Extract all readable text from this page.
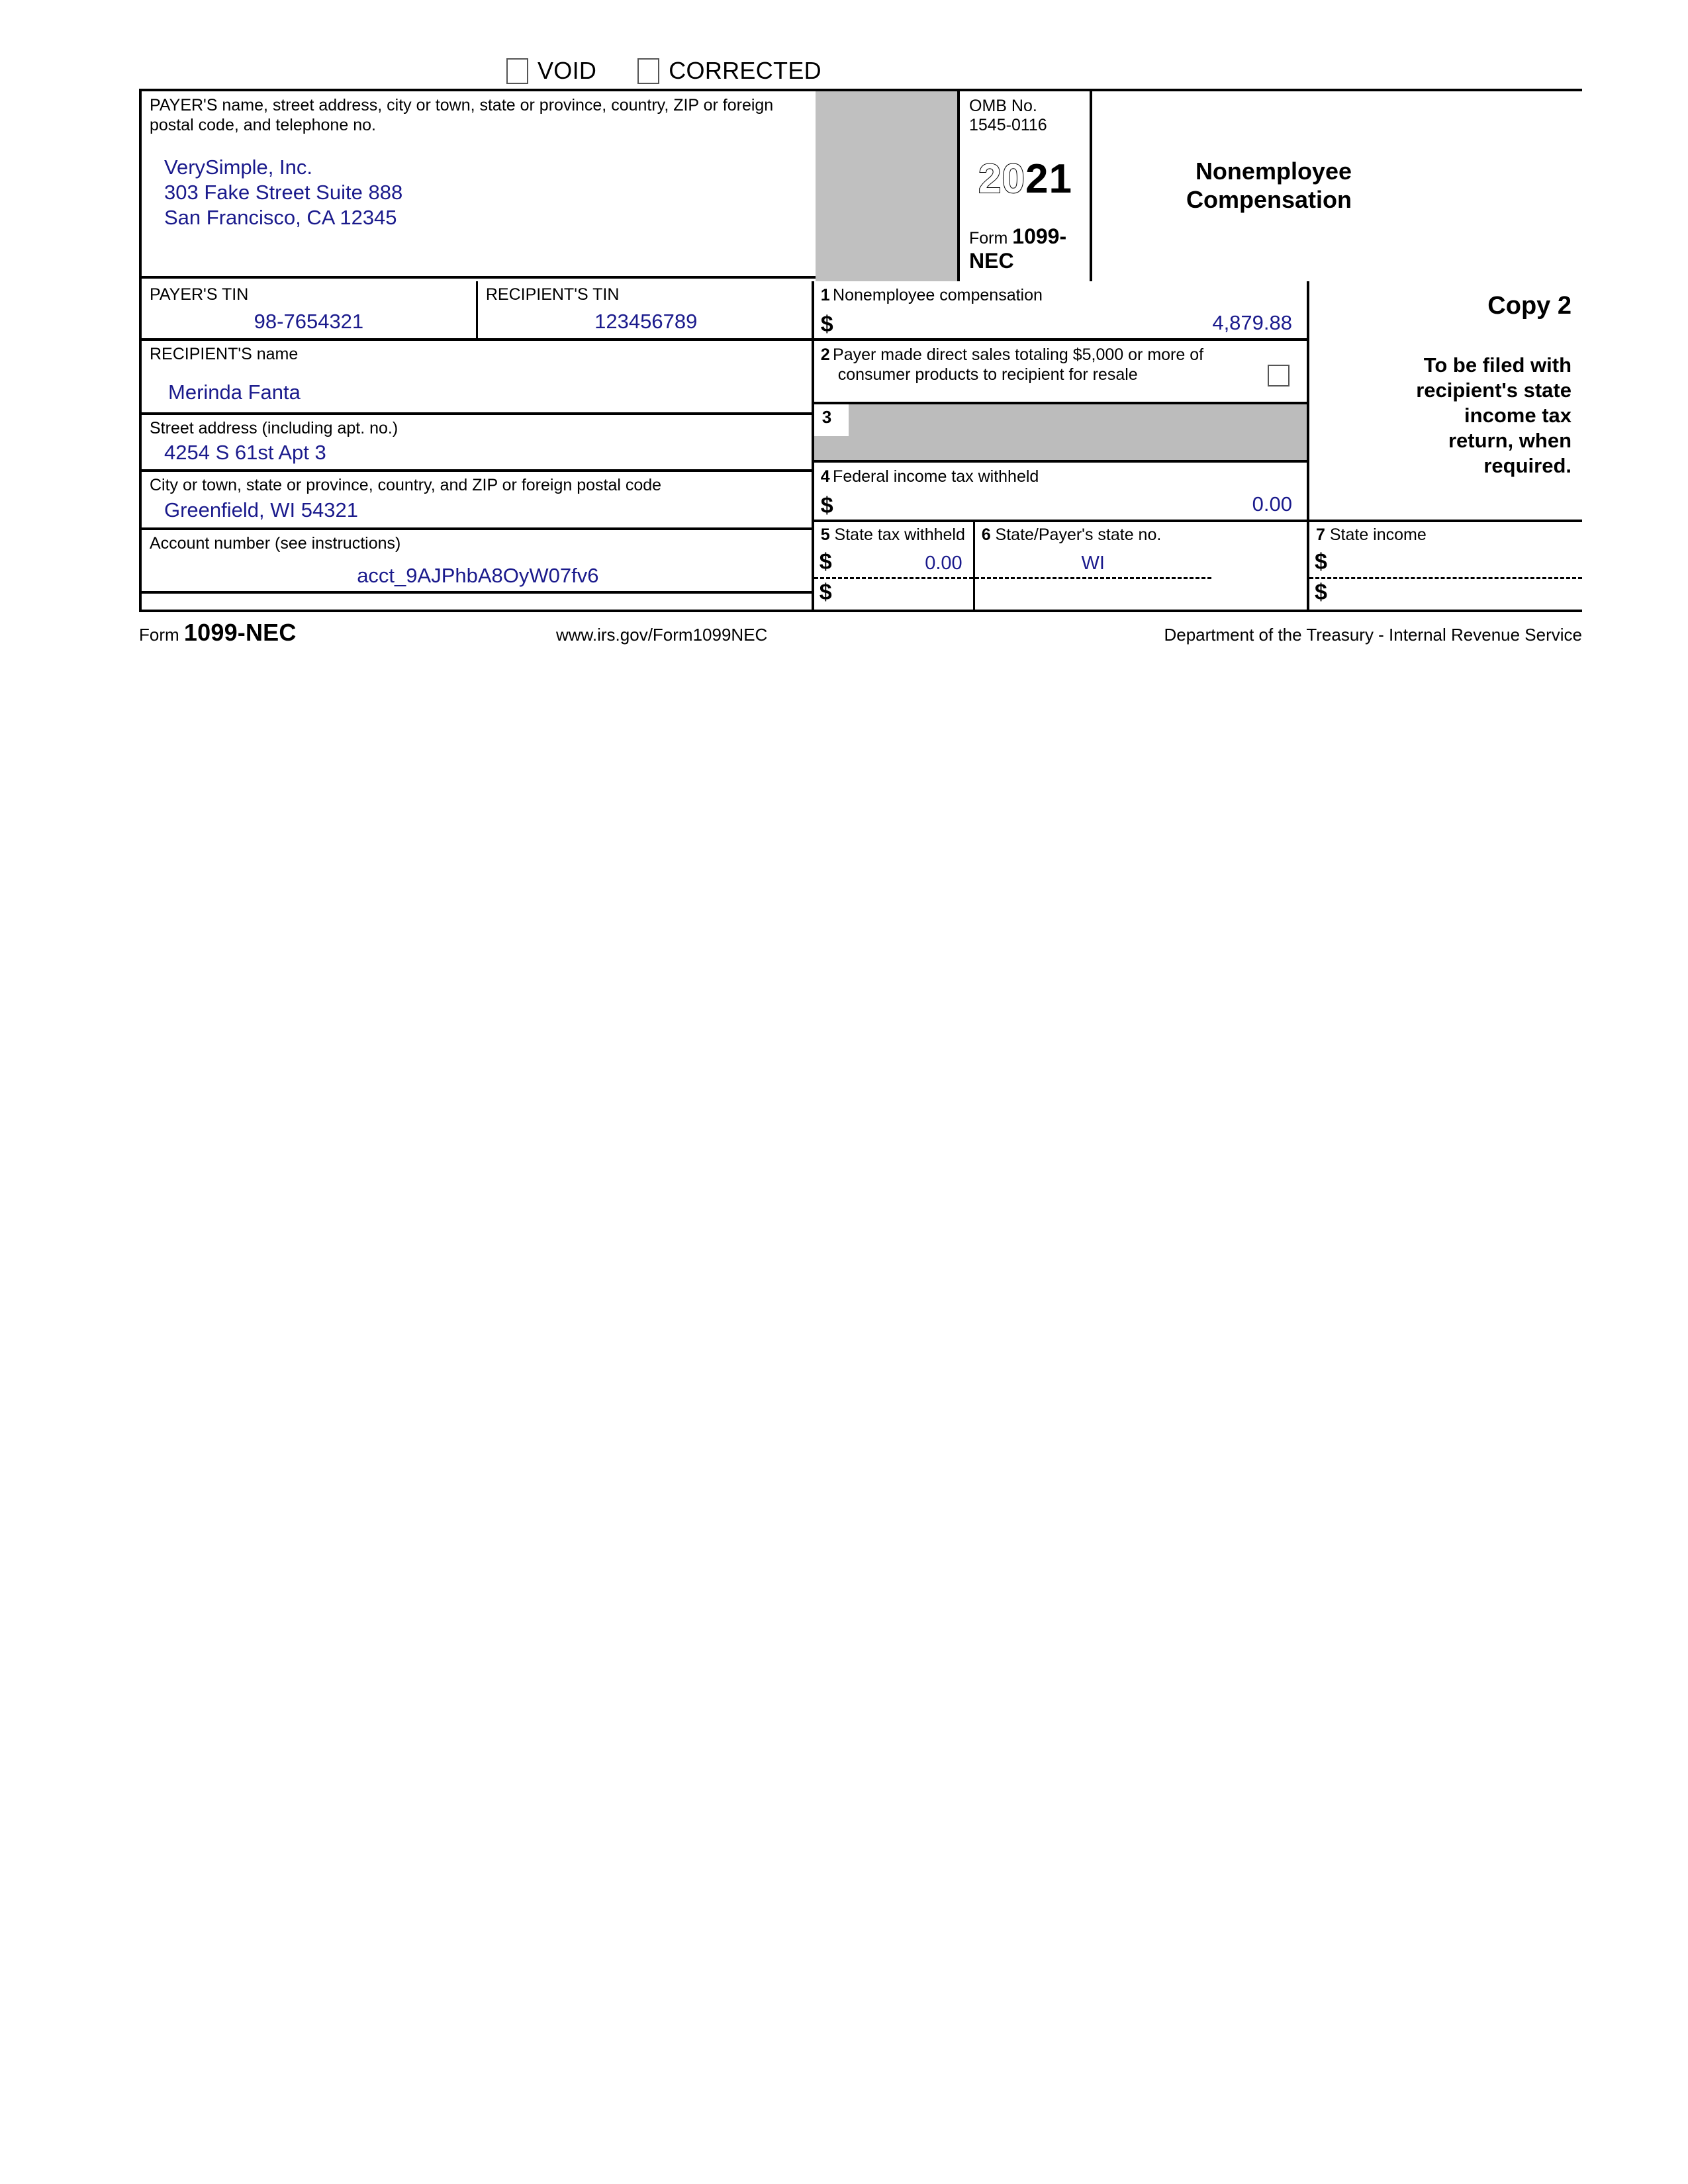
VOID	CORRECTED
PAYER'S name, street address, city or town, state or province, country, ZIP or foreign postal code, and telephone no.
VerySimple, Inc.
303 Fake Street Suite 888
San Francisco, CA 12345
OMB No. 1545-0116
2021
Form 1099-NEC
Nonemployee
Compensation
PAYER'S TIN
98-7654321
RECIPIENT'S TIN
123456789
RECIPIENT'S name
Merinda Fanta
Street address (including apt. no.)
4254 S 61st Apt 3
City or town, state or province, country, and ZIP or foreign postal code
Greenfield, WI 54321
Account number (see instructions)
acct_9AJPhbA8OyW07fv6
1 Nonemployee compensation
$	4,879.88
2 Payer made direct sales totaling $5,000 or more of
consumer products to recipient for resale
3
4 Federal income tax withheld
$	0.00
5 State tax withheld
$	0.00
$
6 State/Payer's state no.
WI
Copy 2
To be filed with
recipient's state
income tax
return, when
required.
7 State income
$
$
Form 1099-NEC	www.irs.gov/Form1099NEC	Department of the Treasury - Internal Revenue Service
